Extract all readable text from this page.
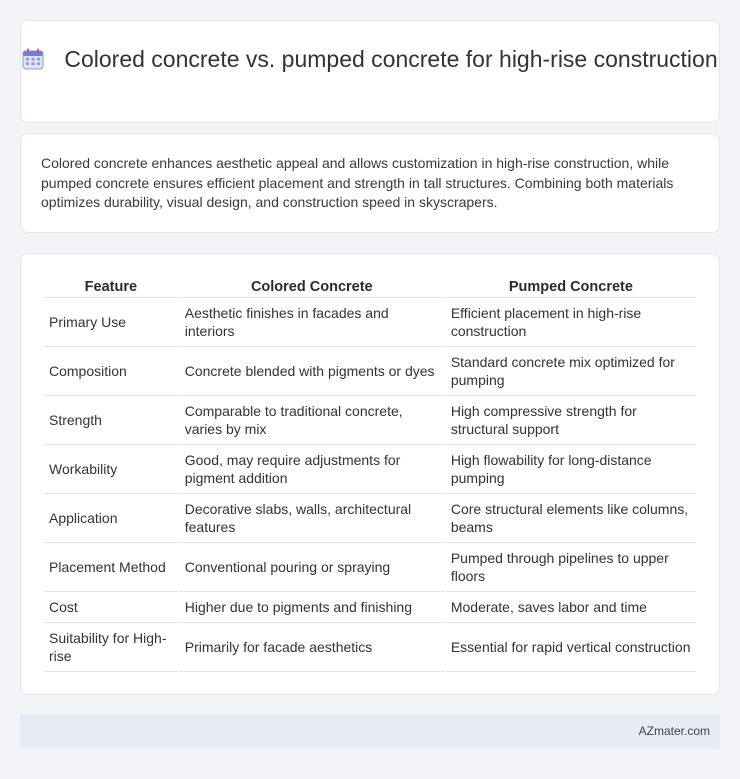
Colored concrete vs. pumped concrete for high-rise construction

Colored concrete enhances aesthetic appeal and allows customization in high-rise construction, while pumped concrete ensures efficient placement and strength in tall structures. Combining both materials optimizes durability, visual design, and construction speed in skyscrapers.

Feature	Colored Concrete	Pumped Concrete
Primary Use	Aesthetic finishes in facades and interiors	Efficient placement in high-rise construction
Composition	Concrete blended with pigments or dyes	Standard concrete mix optimized for pumping
Strength	Comparable to traditional concrete, varies by mix	High compressive strength for structural support
Workability	Good, may require adjustments for pigment addition	High flowability for long-distance pumping
Application	Decorative slabs, walls, architectural features	Core structural elements like columns, beams
Placement Method	Conventional pouring or spraying	Pumped through pipelines to upper floors
Cost	Higher due to pigments and finishing	Moderate, saves labor and time
Suitability for High-rise	Primarily for facade aesthetics	Essential for rapid vertical construction
AZmater.com
